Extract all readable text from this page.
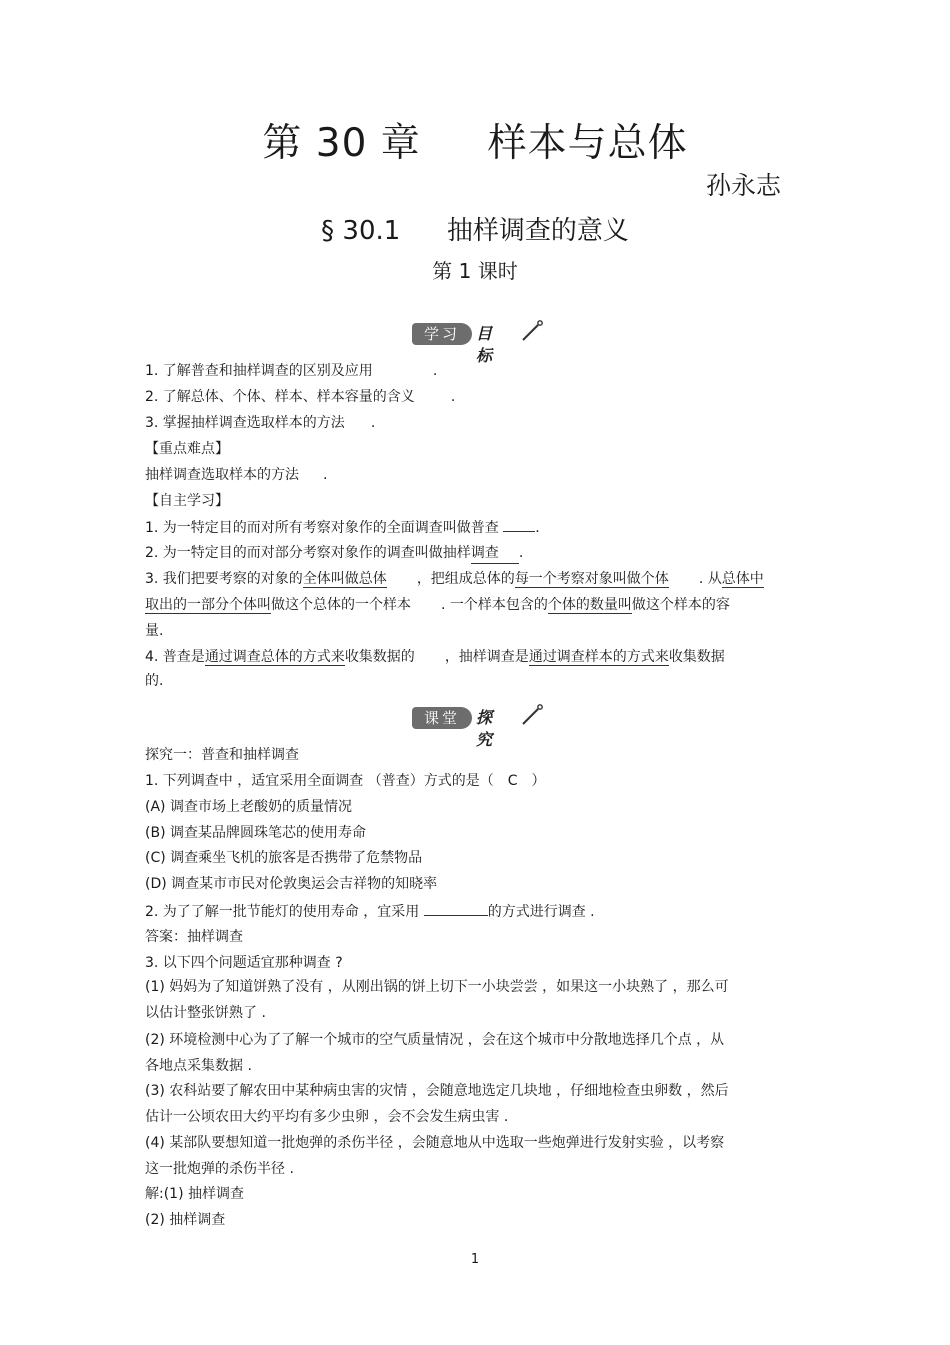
第 30 章 样本与总体
孙永志
§ 30.1 抽样调查的意义
第 1 课时
学习	目标
1. 了解普查和抽样调查的区别及应用	.
2. 了解总体、个体、样本、样本容量的含义	.
3. 掌握抽样调查选取样本的方法 .
【重点难点】
抽样调查选取样本的方法 .
【自主学习】
1. 为一特定目的而对所有考察对象作的全面调查叫做普查	.
2. 为一特定目的而对部分考察对象作的调查叫做抽样调查 .
3. 我们把要考察的对象的全体叫做总体 ，把组成总体的每一个考察对象叫做个体 . 从总体中
取出的一部分个体叫做这个总体的一个样本 . 一个样本包含的个体的数量叫做这个样本的容
量.
4. 普查是通过调查总体的方式来收集数据的 ，抽样调查是通过调查样本的方式来收集数据
的.
课堂	探究
探究一：普查和抽样调查
1. 下列调查中 ，适宜采用全面调查 （普查）方式的是（ C ）
(A) 调查市场上老酸奶的质量情况
(B) 调查某品牌圆珠笔芯的使用寿命
(C) 调查乘坐飞机的旅客是否携带了危禁物品
(D) 调查某市市民对伦敦奥运会吉祥物的知晓率
2. 为了了解一批节能灯的使用寿命 ，宜采用	的方式进行调查 .
答案：抽样调查
3. 以下四个问题适宜那种调查 ?
(1) 妈妈为了知道饼熟了没有 ，从刚出锅的饼上切下一小块尝尝 ，如果这一小块熟了 ，那么可
以估计整张饼熟了 .
(2) 环境检测中心为了了解一个城市的空气质量情况 ，会在这个城市中分散地选择几个点 ，从
各地点采集数据 .
(3) 农科站要了解农田中某种病虫害的灾情 ，会随意地选定几块地 ，仔细地检查虫卵数 ，然后
估计一公顷农田大约平均有多少虫卵 ，会不会发生病虫害 .
(4) 某部队要想知道一批炮弹的杀伤半径 ，会随意地从中选取一些炮弹进行发射实验 ，以考察
这一批炮弹的杀伤半径 .
解:(1) 抽样调查
(2) 抽样调查
1
